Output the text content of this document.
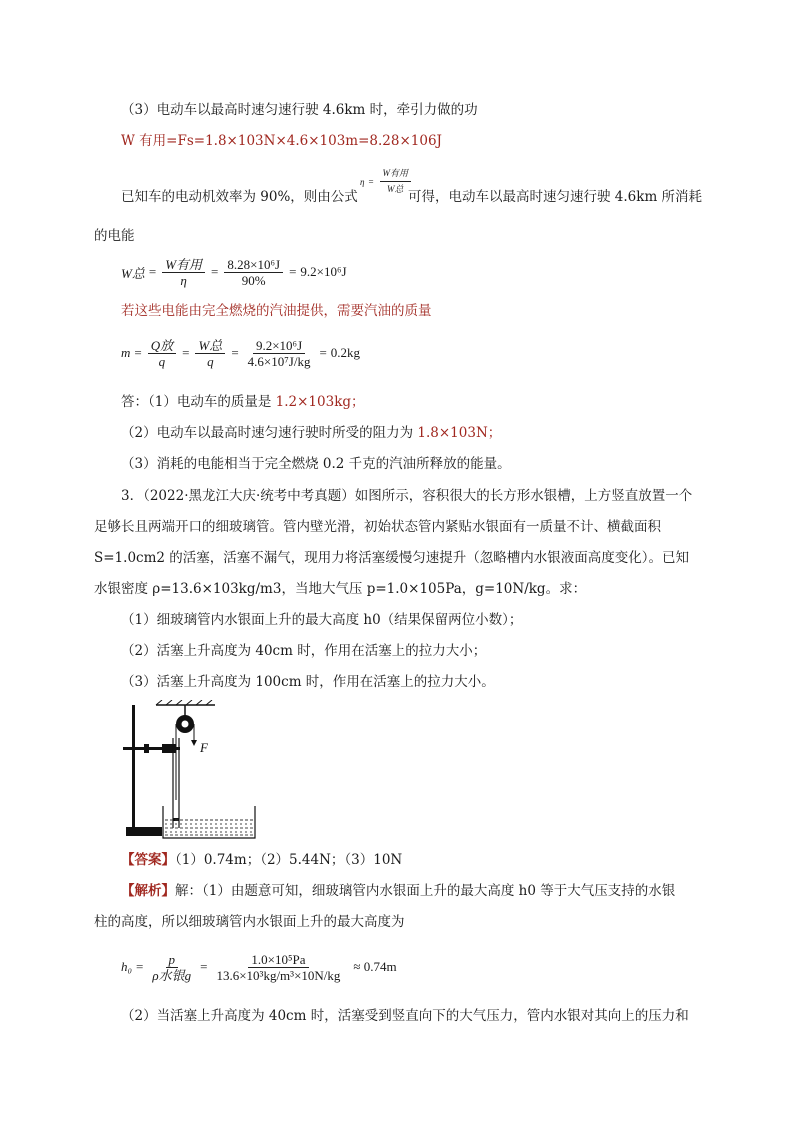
（3）电动车以最高时速匀速行驶 4.6km 时，牵引力做的功
W 有用=Fs=1.8×103N×4.6×103m=8.28×106J
已知车的电动机效率为 90%，则由公式
$\eta = \frac{\text{W有用}}{\text{W总}}$
可得，电动车以最高时速匀速行驶 4.6km 所消耗
的电能
W总 = $\frac{\text{W有用}}{\eta} = \frac{\text{8.28×10⁶J}}{90\%} = 9.2\times 10^6J$
若这些电能由完全燃烧的汽油提供，需要汽油的质量
$m = \frac{\text{Q放}}{q} = \frac{\text{W总}}{q} = \frac{\text{9.2×10⁶J}}{\text{4.6×10⁷J/kg}} = 0.2kg$
答：（1）电动车的质量是 1.2×103kg；
（2）电动车以最高时速匀速行驶时所受的阻力为 1.8×103N；
（3）消耗的电能相当于完全燃烧 0.2 千克的汽油所释放的能量。
3．（2022·黑龙江大庆·统考中考真题）如图所示，容积很大的长方形水银槽，上方竖直放置一个
足够长且两端开口的细玻璃管。管内壁光滑，初始状态管内紧贴水银面有一质量不计、横截面积
S=1.0cm2 的活塞，活塞不漏气，现用力将活塞缓慢匀速提升（忽略槽内水银液面高度变化）。已知
水银密度 ρ=13.6×103kg/m3，当地大气压 p=1.0×105Pa，g=10N/kg。求：
（1）细玻璃管内水银面上升的最大高度 h0（结果保留两位小数）；
（2）活塞上升高度为 40cm 时，作用在活塞上的拉力大小；
（3）活塞上升高度为 100cm 时，作用在活塞上的拉力大小。
F
【答案】（1）0.74m；（2）5.44N；（3）10N
【解析】解：（1）由题意可知，细玻璃管内水银面上升的最大高度 h0 等于大气压支持的水银
柱的高度，所以细玻璃管内水银面上升的最大高度为
$h_0 = \frac{p}{\text{ρ水银g}} = \frac{\text{1.0×10⁵Pa}}{\text{13.6×10³kg/m³×10N/kg}} \approx 0.74m$
（2）当活塞上升高度为 40cm 时，活塞受到竖直向下的大气压力，管内水银对其向上的压力和
